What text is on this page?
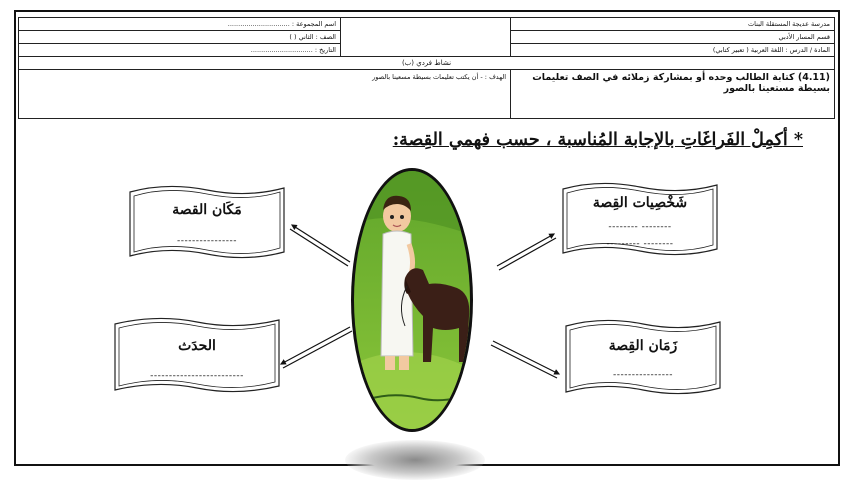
اسم المجموعة : ..............................		مدرسة عديجة المستقلة البنات
الصف : الثاني ( )		قسم المسار الأدبي
التاريخ : ..............................		المادة / الدرس : اللغة العربية ( تعبير كتابي)
نشاط فردي (ب)		
الهدف : - أن يكتب تعليمات بسيطة مسعينا بالصور		(4.11) كتابة الطالب وحده أو بمشاركة زملائه في الصف تعليمات بسيطة مستعينا بالصور
* أكمِلْ الفَراغَاتِ بالإجابة المُناسبة ، حسب فهمي القِصة:
شَخْصِيات القِصة
-------- --------
--------- --------
مَكَان القصة
----------------
الحدَث
-------------------------
زَمَان القِصة
----------------
